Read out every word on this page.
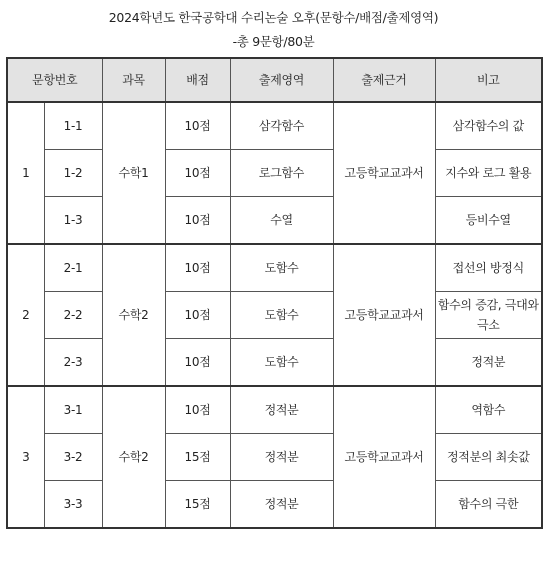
2024학년도 한국공학대 수리논술 오후(문항수/배점/출제영역)
-총 9문항/80분
문항번호		과목	배점	출제영역	출제근거	비고
1	1-1	수학1	10점	삼각함수	고등학교교과서	삼각함수의 값
	1-2		10점	로그함수		지수와 로그 활용
	1-3		10점	수열		등비수열
2	2-1	수학2	10점	도함수	고등학교교과서	접선의 방정식
	2-2		10점	도함수		함수의 증감, 극대와 극소
	2-3		10점	도함수		정적분
3	3-1	수학2	10점	정적분	고등학교교과서	역함수
	3-2		15점	정적분		정적분의 최솟값
	3-3		15점	정적분		함수의 극한
